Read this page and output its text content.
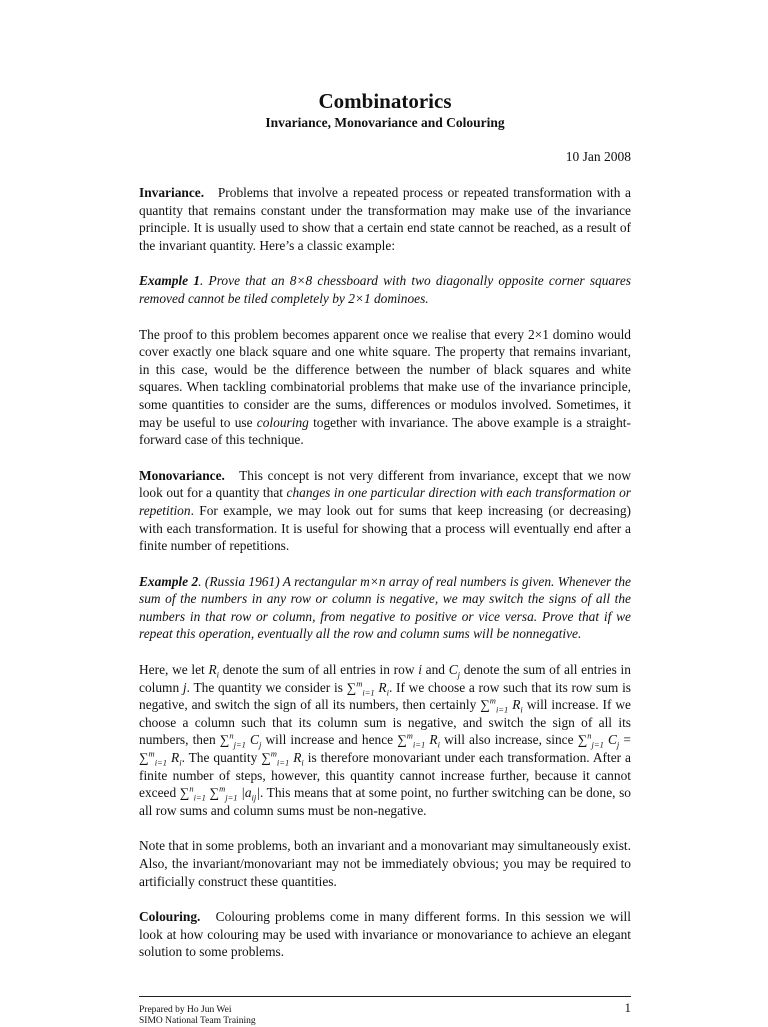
Combinatorics
Invariance, Monovariance and Colouring
10 Jan 2008

Invariance. Problems that involve a repeated process or repeated transformation with a quantity that remains constant under the transformation may make use of the invariance principle. It is usually used to show that a certain end state cannot be reached, as a result of the invariant quantity. Here’s a classic example:

Example 1. Prove that an 8×8 chessboard with two diagonally opposite corner squares removed cannot be tiled completely by 2×1 dominoes.

The proof to this problem becomes apparent once we realise that every 2×1 domino would cover exactly one black square and one white square. The property that remains invariant, in this case, would be the difference between the number of black squares and white squares. When tackling combinatorial problems that make use of the invariance principle, some quantities to consider are the sums, differences or modulos involved. Sometimes, it may be useful to use colouring together with invariance. The above example is a straight-forward case of this technique.

Monovariance. This concept is not very different from invariance, except that we now look out for a quantity that changes in one particular direction with each transformation or repetition. For example, we may look out for sums that keep increasing (or decreasing) with each transformation. It is useful for showing that a process will eventually end after a finite number of repetitions.

Example 2. (Russia 1961) A rectangular m×n array of real numbers is given. Whenever the sum of the numbers in any row or column is negative, we may switch the signs of all the numbers in that row or column, from negative to positive or vice versa. Prove that if we repeat this operation, eventually all the row and column sums will be nonnegative.

Here, we let $R_i$ denote the sum of all entries in row i and $C_j$ denote the sum of all entries in column j. The quantity we consider is ∑$^m_{i=1}$ $R_i$. If we choose a row such that its row sum is negative, and switch the sign of all its numbers, then certainly ∑$^m_{i=1}$ $R_i$ will increase. If we choose a column such that its column sum is negative, and switch the sign of all its numbers, then ∑$^n_{j=1}$ $C_j$ will increase and hence ∑$^m_{i=1}$ $R_i$ will also increase, since ∑$^n_{j=1}$ $C_j = \sum^m_{i=1}$ $R_i$. The quantity ∑$^m_{i=1}$ $R_i$ is therefore monovariant under each transformation. After a finite number of steps, however, this quantity cannot increase further, because it cannot exceed ∑$^n_{i=1}$ ∑$^m_{j=1}$ $|a_{ij}|$. This means that at some point, no further switching can be done, so all row sums and column sums must be non-negative.

Note that in some problems, both an invariant and a monovariant may simultaneously exist. Also, the invariant/monovariant may not be immediately obvious; you may be required to artificially construct these quantities.

Colouring. Colouring problems come in many different forms. In this session we will look at how colouring may be used with invariance or monovariance to achieve an elegant solution to some problems.

Prepared by Ho Jun Wei
SIMO National Team Training
1
